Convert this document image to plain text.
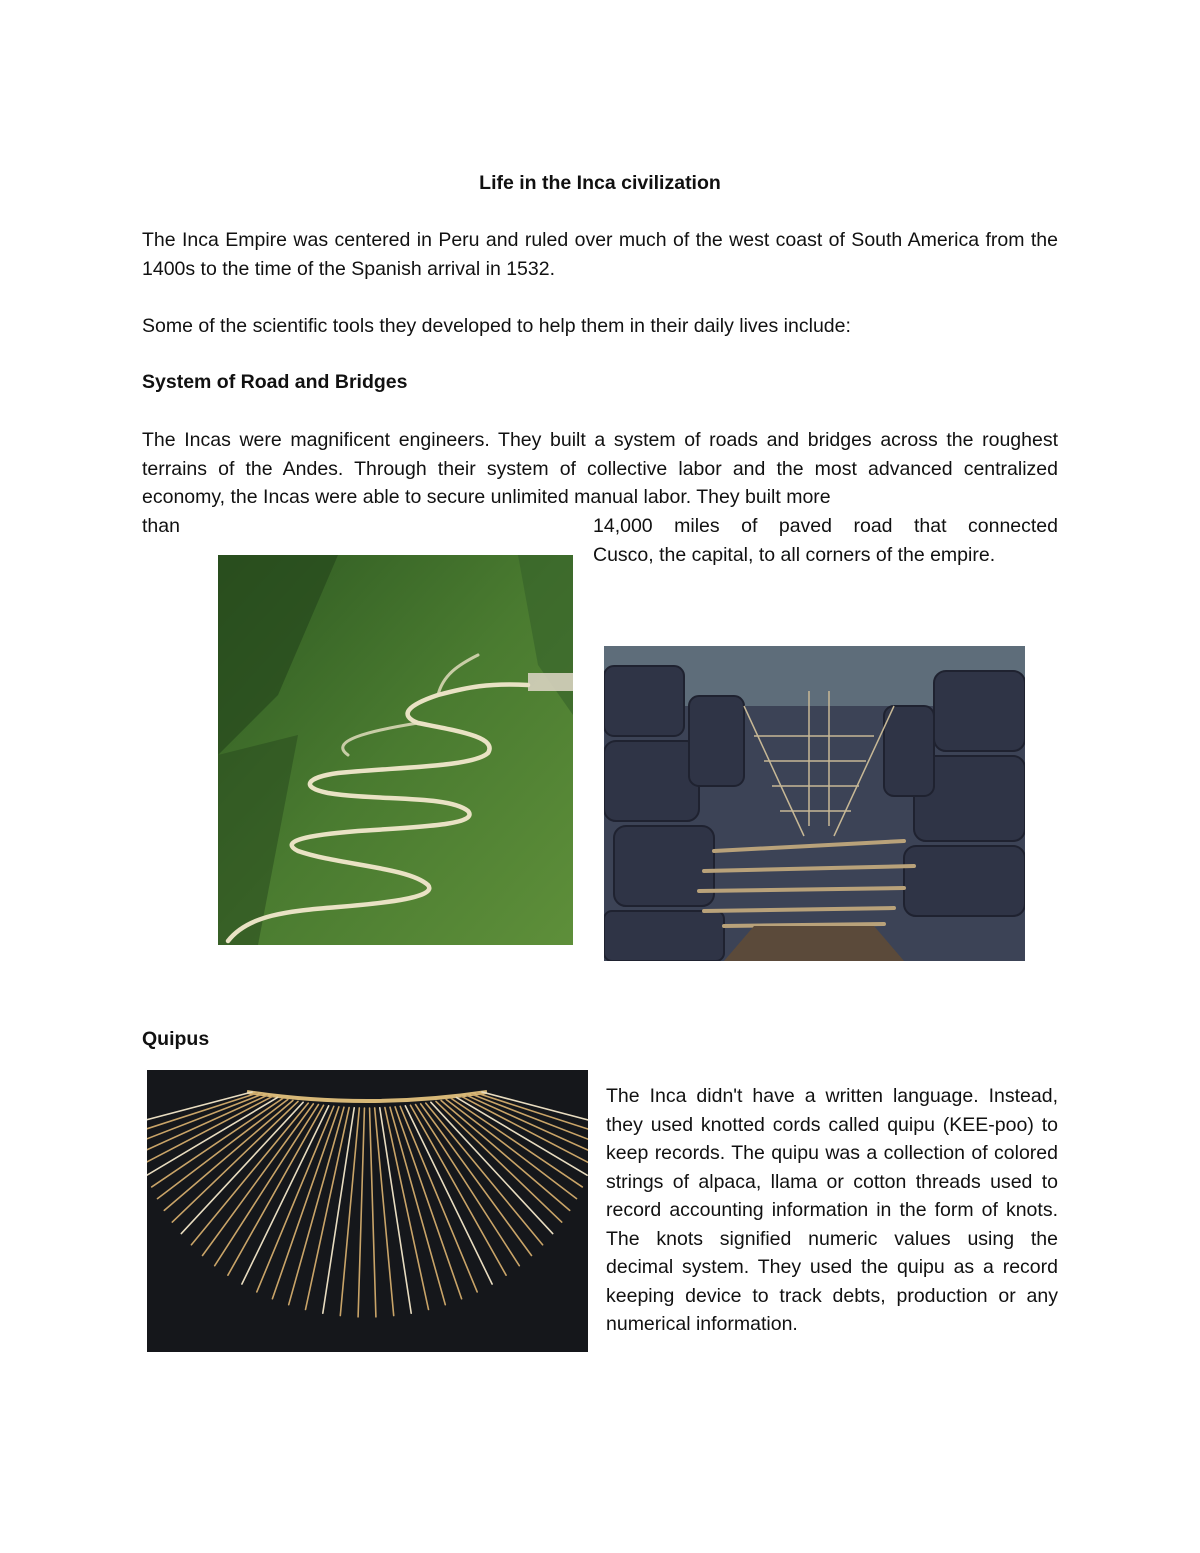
Life in the Inca civilization

The Inca Empire was centered in Peru and ruled over much of the west coast of South America from the 1400s to the time of the Spanish arrival in 1532.

Some of the scientific tools they developed to help them in their daily lives include:

System of Road and Bridges

The Incas were magnificent engineers. They built a system of roads and bridges across the roughest terrains of the Andes. Through their system of collective labor and the most advanced centralized economy, the Incas were able to secure unlimited manual labor. They built more

than	14,000 miles of paved road that connected
Cusco, the capital, to all corners of the empire.

Quipus

The Inca didn't have a written language. Instead, they used knotted cords called quipu (KEE-poo) to keep records. The quipu was a collection of colored strings of alpaca, llama or cotton threads used to record accounting information in the form of knots. The knots signified numeric values using the decimal system. They used the quipu as a record keeping device to track debts, production or any numerical information.
